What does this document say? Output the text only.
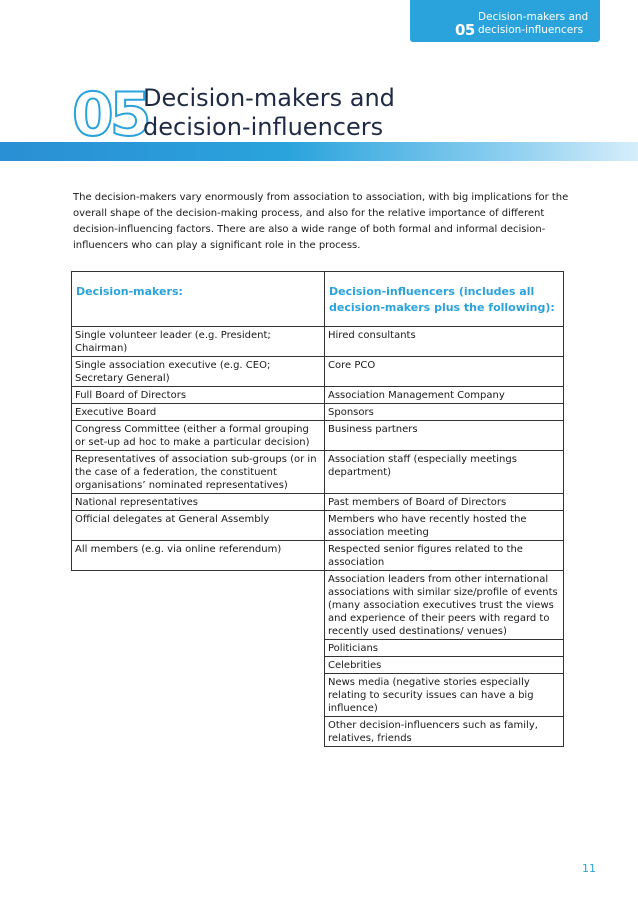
05
Decision-makers and
decision-influencers
05
Decision-makers and
decision-influencers

The decision-makers vary enormously from association to association, with big implications for the overall shape of the decision-making process, and also for the relative importance of different decision-influencing factors. There are also a wide range of both formal and informal decision-influencers who can play a significant role in the process.

Decision-makers:	Decision-influencers (includes all decision-makers plus the following):
Single volunteer leader (e.g. President; Chairman)	Hired consultants
Single association executive (e.g. CEO; Secretary General)	Core PCO
Full Board of Directors	Association Management Company
Executive Board	Sponsors
Congress Committee (either a formal grouping or set-up ad hoc to make a particular decision)	Business partners
Representatives of association sub-groups (or in the case of a federation, the constituent organisations’ nominated representatives)	Association staff (especially meetings department)
National representatives	Past members of Board of Directors
Official delegates at General Assembly	Members who have recently hosted the association meeting
All members (e.g. via online referendum)	Respected senior figures related to the association
	Association leaders from other international associations with similar size/profile of events (many association executives trust the views and experience of their peers with regard to recently used destinations/ venues)
	Politicians
	Celebrities
	News media (negative stories especially relating to security issues can have a big influence)
	Other decision-influencers such as family, relatives, friends
11
